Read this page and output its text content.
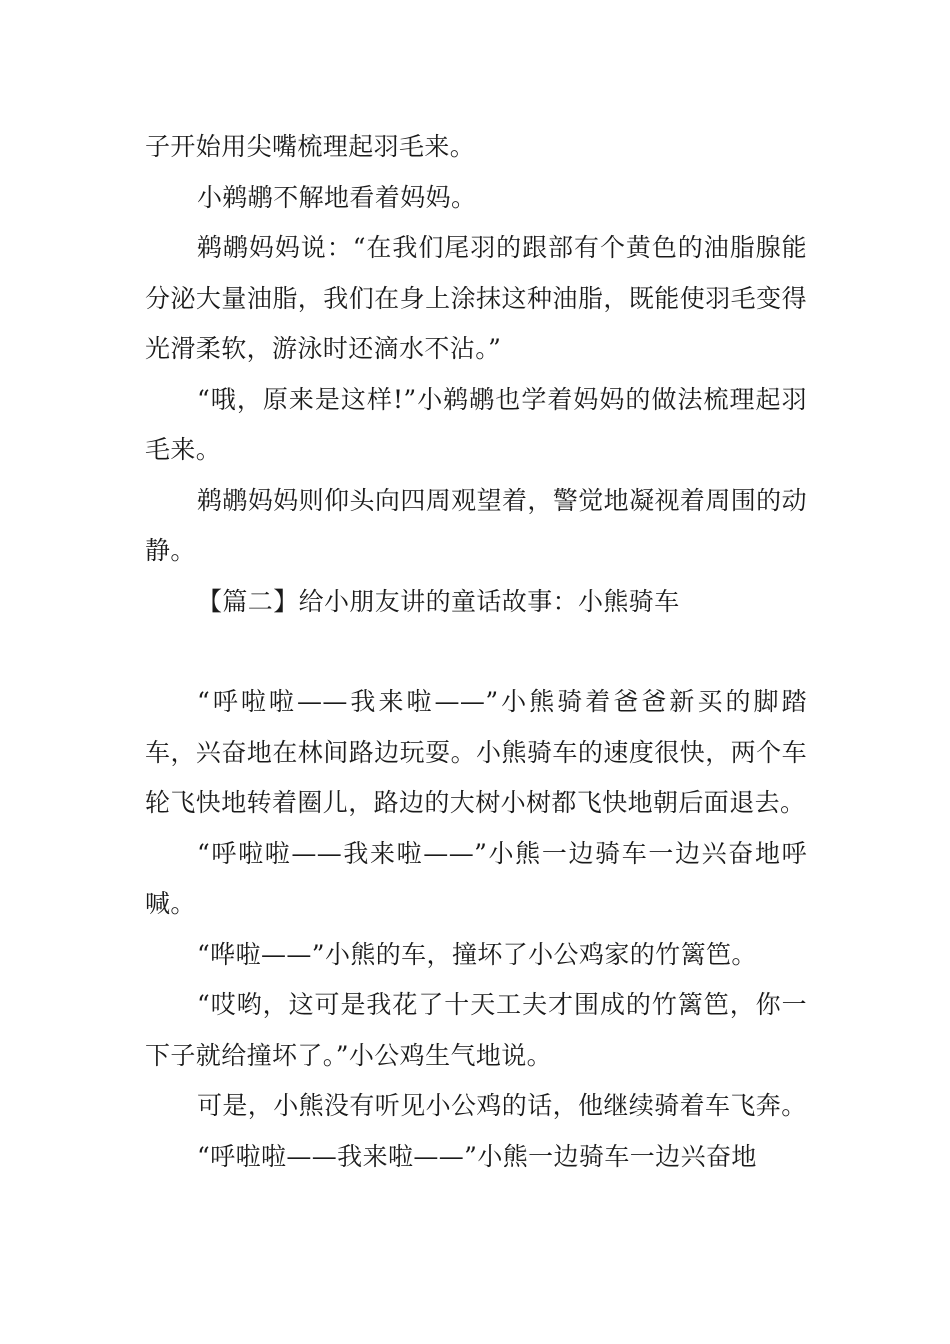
子开始用尖嘴梳理起羽毛来。

小鹈鹕不解地看着妈妈。

鹈鹕妈妈说：“在我们尾羽的跟部有个黄色的油脂腺能分泌大量油脂，我们在身上涂抹这种油脂，既能使羽毛变得光滑柔软，游泳时还滴水不沾。”

“哦，原来是这样!”小鹈鹕也学着妈妈的做法梳理起羽毛来。

鹈鹕妈妈则仰头向四周观望着，警觉地凝视着周围的动静。

【篇二】给小朋友讲的童话故事：小熊骑车

“呼啦啦——我来啦——”小熊骑着爸爸新买的脚踏车，兴奋地在林间路边玩耍。小熊骑车的速度很快，两个车轮飞快地转着圈儿，路边的大树小树都飞快地朝后面退去。

“呼啦啦——我来啦——”小熊一边骑车一边兴奋地呼喊。

“哗啦——”小熊的车，撞坏了小公鸡家的竹篱笆。

“哎哟，这可是我花了十天工夫才围成的竹篱笆，你一下子就给撞坏了。”小公鸡生气地说。

可是，小熊没有听见小公鸡的话，他继续骑着车飞奔。

“呼啦啦——我来啦——”小熊一边骑车一边兴奋地
